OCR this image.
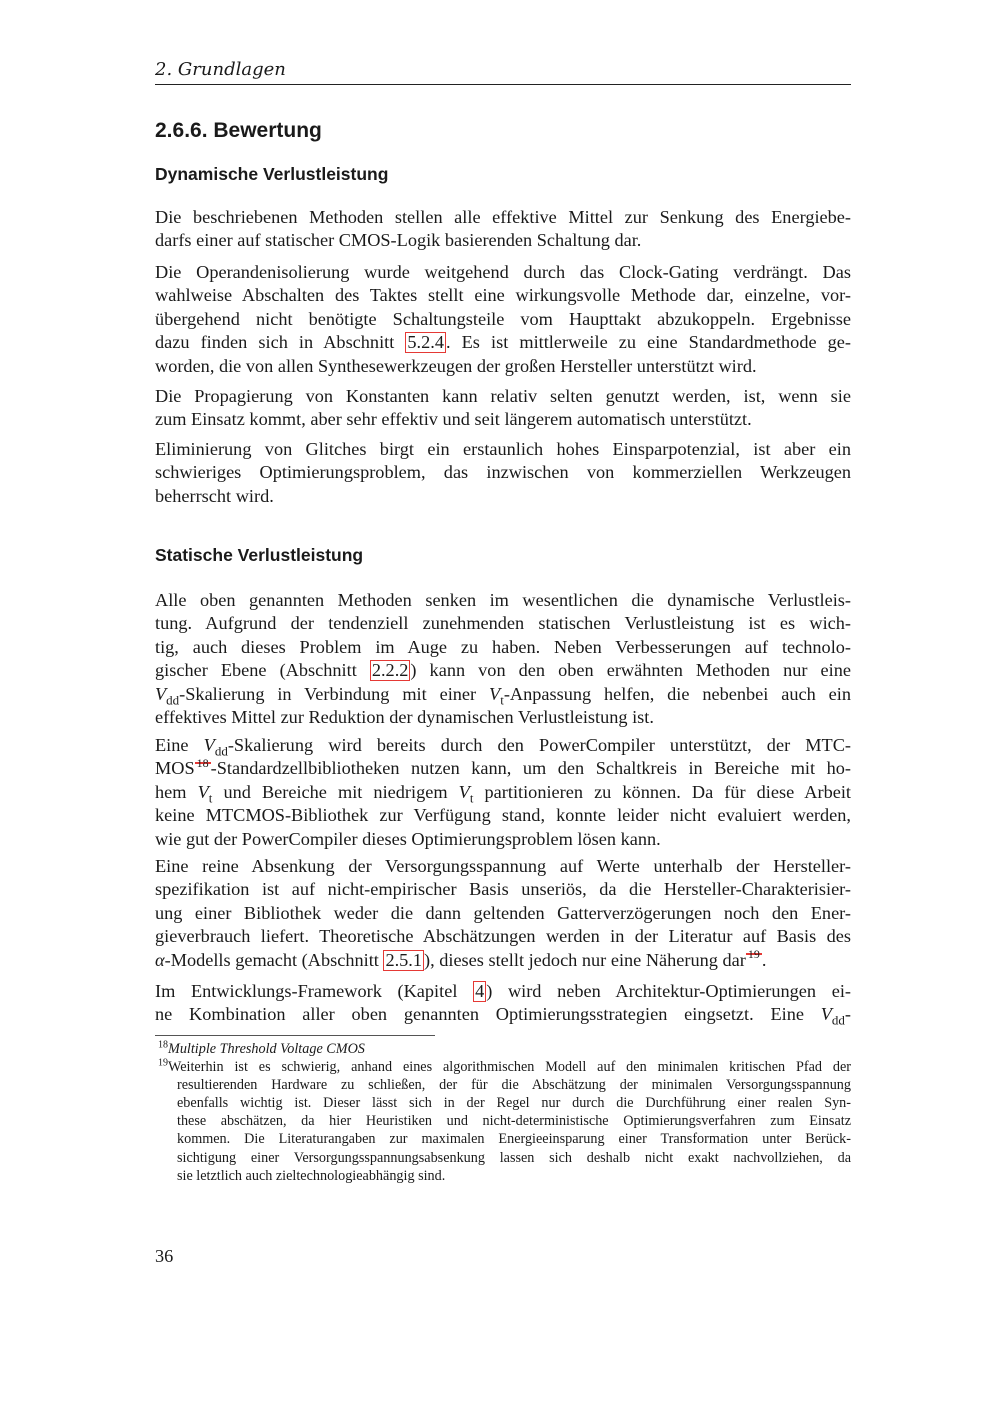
2. Grundlagen
2.6.6. Bewertung
Dynamische Verlustleistung
Die beschriebenen Methoden stellen alle effektive Mittel zur Senkung des Energiebe-
darfs einer auf statischer CMOS-Logik basierenden Schaltung dar.
Die Operandenisolierung wurde weitgehend durch das Clock-Gating verdrängt. Das
wahlweise Abschalten des Taktes stellt eine wirkungsvolle Methode dar, einzelne, vor-
übergehend nicht benötigte Schaltungsteile vom Haupttakt abzukoppeln. Ergebnisse
dazu finden sich in Abschnitt 5.2.4 . Es ist mittlerweile zu eine Standardmethode ge-
worden, die von allen Synthesewerkzeugen der großen Hersteller unterstützt wird.
Die Propagierung von Konstanten kann relativ selten genutzt werden, ist, wenn sie
zum Einsatz kommt, aber sehr effektiv und seit längerem automatisch unterstützt.
Eliminierung von Glitches birgt ein erstaunlich hohes Einsparpotenzial, ist aber ein
schwieriges Optimierungsproblem, das inzwischen von kommerziellen Werkzeugen
beherrscht wird.
Statische Verlustleistung
Alle oben genannten Methoden senken im wesentlichen die dynamische Verlustleis-
tung. Aufgrund der tendenziell zunehmenden statischen Verlustleistung ist es wich-
tig, auch dieses Problem im Auge zu haben. Neben Verbesserungen auf technolo-
gischer Ebene (Abschnitt 2.2.2 ) kann von den oben erwähnten Methoden nur eine
$V_{dd}$-Skalierung in Verbindung mit einer $V_t$-Anpassung helfen, die nebenbei auch ein
effektives Mittel zur Reduktion der dynamischen Verlustleistung ist.
Eine $V_{dd}$-Skalierung wird bereits durch den PowerCompiler unterstützt, der MTC-
MOS 18 -Standardzellbibliotheken nutzen kann, um den Schaltkreis in Bereiche mit ho-
hem $V_t$ und Bereiche mit niedrigem $V_t$ partitionieren zu können. Da für diese Arbeit
keine MTCMOS-Bibliothek zur Verfügung stand, konnte leider nicht evaluiert werden,
wie gut der PowerCompiler dieses Optimierungsproblem lösen kann.
Eine reine Absenkung der Versorgungsspannung auf Werte unterhalb der Hersteller-
spezifikation ist auf nicht-empirischer Basis unseriös, da die Hersteller-Charakterisier-
ung einer Bibliothek weder die dann geltenden Gatterverzögerungen noch den Ener-
gieverbrauch liefert. Theoretische Abschätzungen werden in der Literatur auf Basis des
α-Modells gemacht (Abschnitt 2.5.1 ), dieses stellt jedoch nur eine Näherung dar 19 .
Im Entwicklungs-Framework (Kapitel 4 ) wird neben Architektur-Optimierungen ei-
ne Kombination aller oben genannten Optimierungsstrategien eingsetzt. Eine $V_{dd}-$
$^{18}$Multiple Threshold Voltage CMOS
$^{19}$Weiterhin ist es schwierig, anhand eines algorithmischen Modell auf den minimalen kritischen Pfad der
resultierenden Hardware zu schließen, der für die Abschätzung der minimalen Versorgungsspannung
ebenfalls wichtig ist. Dieser lässt sich in der Regel nur durch die Durchführung einer realen Syn-
these abschätzen, da hier Heuristiken und nicht-deterministische Optimierungsverfahren zum Einsatz
kommen. Die Literaturangaben zur maximalen Energieeinsparung einer Transformation unter Berück-
sichtigung einer Versorgungsspannungsabsenkung lassen sich deshalb nicht exakt nachvollziehen, da
sie letztlich auch zieltechnologieabhängig sind.
36
